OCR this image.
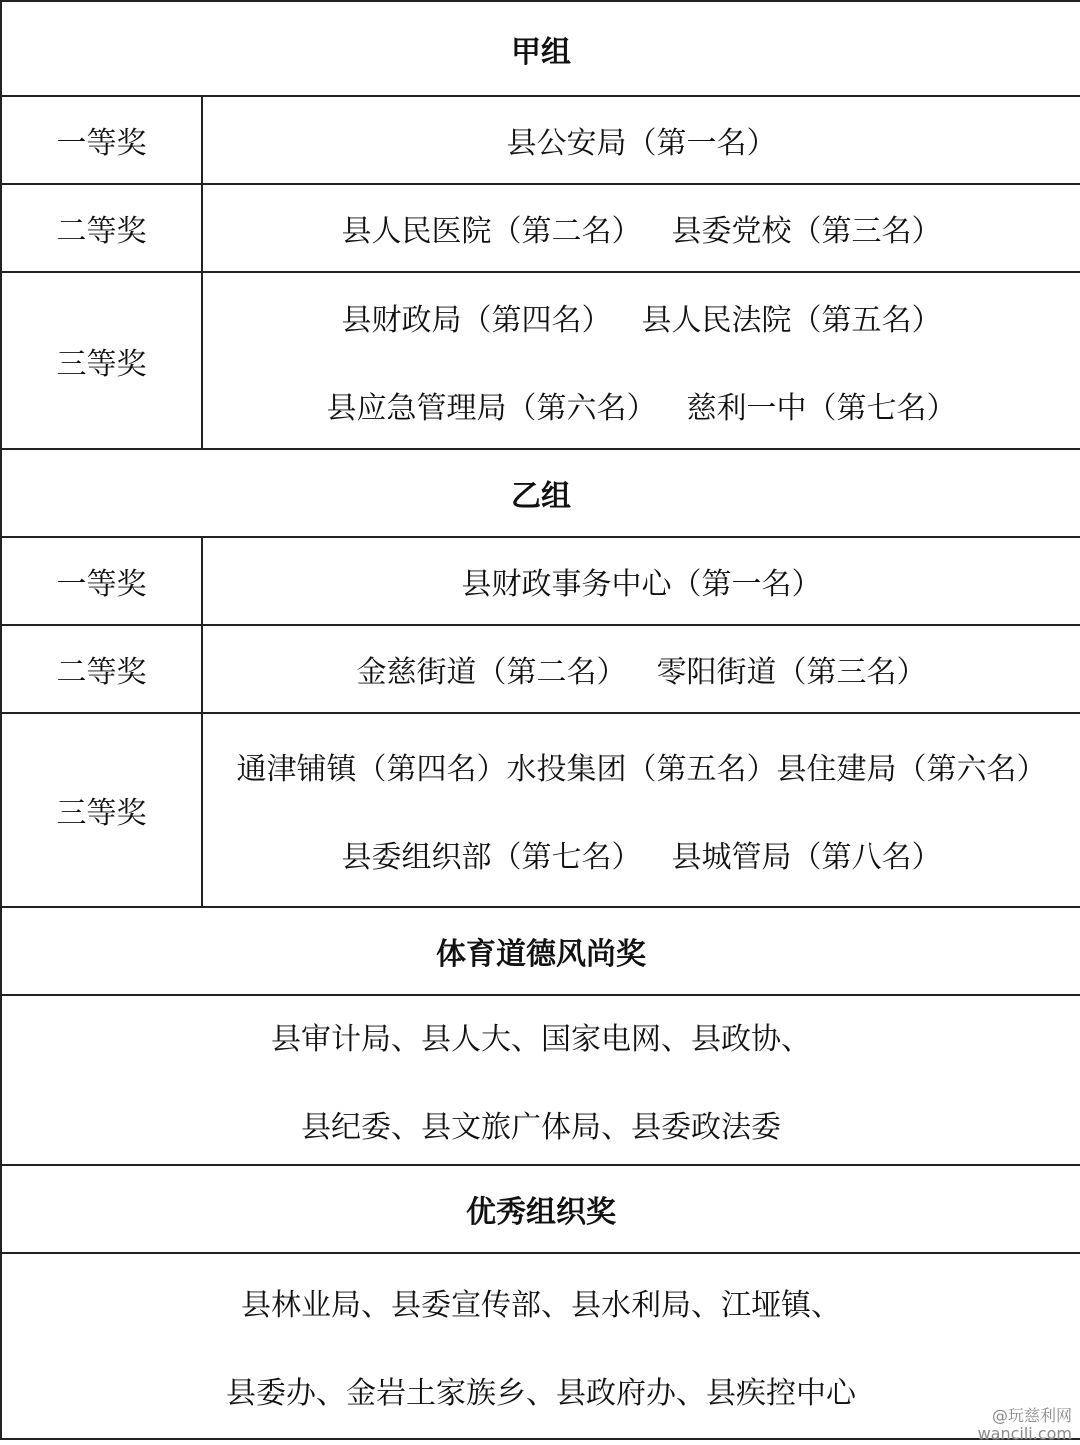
甲组	
一等奖	县公安局（第一名）

二等奖	县人民医院（第二名） 县委党校（第三名）

三等奖	县财政局（第四名） 县人民法院（第五名）
县应急管理局（第六名） 慈利一中（第七名）

乙组	
一等奖	县财政事务中心（第一名）

二等奖	金慈街道（第二名） 零阳街道（第三名）

三等奖	通津铺镇（第四名）水投集团（第五名）县住建局（第六名）
县委组织部（第七名） 县城管局（第八名）

体育道德风尚奖	

县审计局、县人大、国家电网、县政协、
县纪委、县文旅广体局、县委政法委	

优秀组织奖	

县林业局、县委宣传部、县水利局、江垭镇、
县委办、金岩土家族乡、县政府办、县疾控中心	
@玩慈利网
wancili.com
